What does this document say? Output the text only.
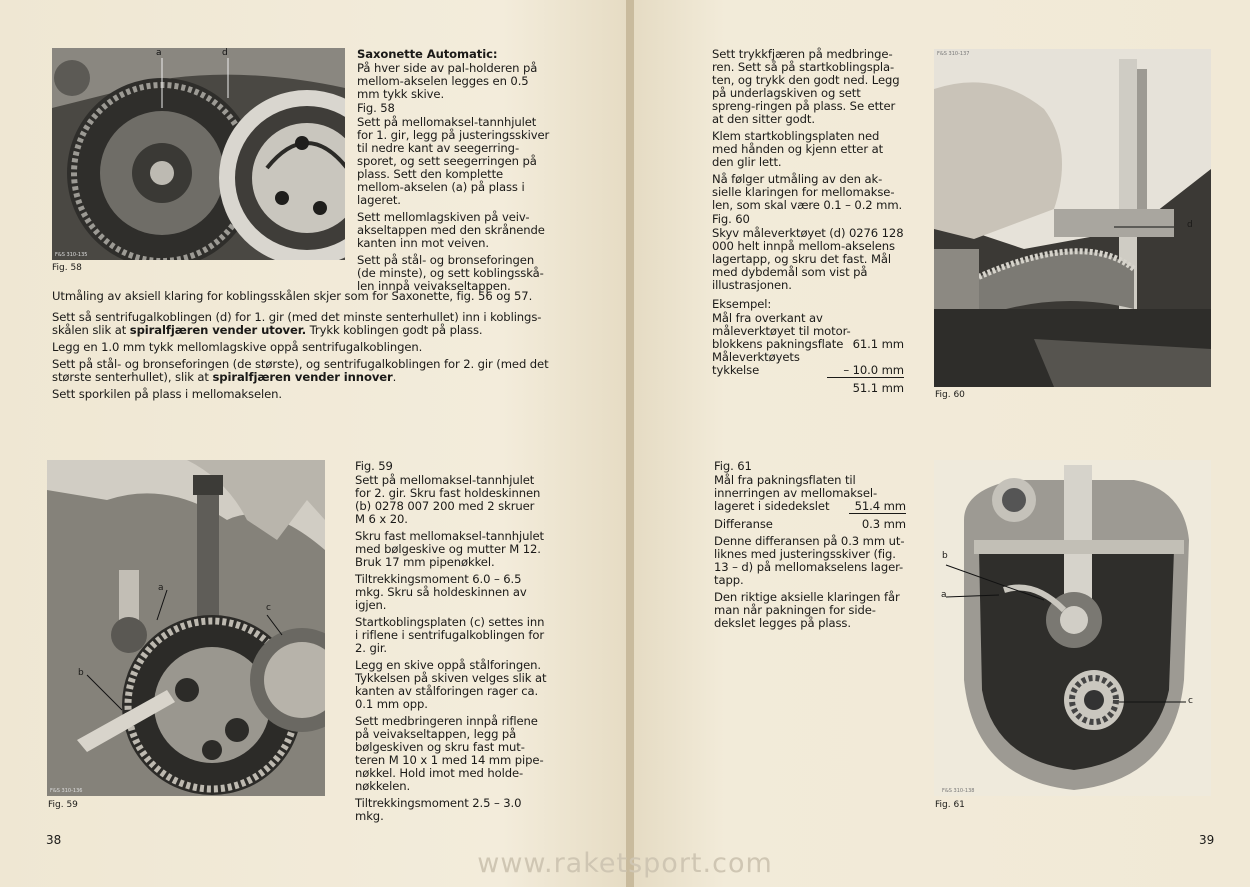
a	d
F&S 310-135
Fig. 58

Saxonette Automatic:

På hver side av pal-holderen på mellom-akselen legges en 0.5 mm tykk skive.

Fig. 58

Sett på mellomaksel-tannhjulet for 1. gir, legg på justeringsskiver til nedre kant av seegerring-sporet, og sett seegerringen på plass. Sett den komplette mellom-akselen (a) på plass i lageret.

Sett mellomlagskiven på veiv-akseltappen med den skrånende kanten inn mot veiven.

Sett på stål- og bronseforingen (de minste), og sett koblingsskå-len innpå veivakseltappen.

Utmåling av aksiell klaring for koblingsskålen skjer som for Saxonette, fig. 56 og 57.

Sett så sentrifugalkoblingen (d) for 1. gir (med det minste senterhullet) inn i koblings-skålen slik at spiralfjæren vender utover. Trykk koblingen godt på plass.

Legg en 1.0 mm tykk mellomlagskive oppå sentrifugalkoblingen.

Sett på stål- og bronseforingen (de største), og sentrifugalkoblingen for 2. gir (med det største senterhullet), slik at spiralfjæren vender innover.

Sett sporkilen på plass i mellomakselen.

a
b
c
F&S 310-136
Fig. 59

Fig. 59

Sett på mellomaksel-tannhjulet for 2. gir. Skru fast holdeskinnen (b) 0278 007 200 med 2 skruer M 6 x 20.

Skru fast mellomaksel-tannhjulet med bølgeskive og mutter M 12. Bruk 17 mm pipenøkkel.

Tiltrekkingsmoment 6.0 – 6.5 mkg. Skru så holdeskinnen av igjen.

Startkoblingsplaten (c) settes inn i riflene i sentrifugalkoblingen for 2. gir.

Legg en skive oppå stålforingen. Tykkelsen på skiven velges slik at kanten av stålforingen rager ca. 0.1 mm opp.

Sett medbringeren innpå riflene på veivakseltappen, legg på bølgeskiven og skru fast mut-teren M 10 x 1 med 14 mm pipe-nøkkel. Hold imot med holde-nøkkelen.

Tiltrekkingsmoment 2.5 – 3.0 mkg.

38

Sett trykkfjæren på medbringe-ren. Sett så på startkoblingspla-ten, og trykk den godt ned. Legg på underlagskiven og sett spreng-ringen på plass. Se etter at den sitter godt.

Klem startkoblingsplaten ned med hånden og kjenn etter at den glir lett.

Nå følger utmåling av den ak-sielle klaringen for mellomakse-len, som skal være 0.1 – 0.2 mm.

Fig. 60

Skyv måleverktøyet (d) 0276 128 000 helt innpå mellom-akselens lagertapp, og skru det fast. Mål med dybdemål som vist på illustrasjonen.

Eksempel:

Mål fra overkant av
måleverktøyet til motor-
blokkens pakningsflate 61.1 mm
Måleverktøyets
tykkelse	– 10.0 mm
51.1 mm
F&S 310-137
d
Fig. 60

Fig. 61

Mål fra pakningsflaten til
innerringen av mellomaksel-
lageret i sidedekslet	51.4 mm
Differanse	0.3 mm

Denne differansen på 0.3 mm ut-liknes med justeringsskiver (fig. 13 – d) på mellomakselens lager-tapp.

Den riktige aksielle klaringen får man når pakningen for side-dekslet legges på plass.

b
a
c
F&S 310-138
Fig. 61
39
www.raketsport.com
